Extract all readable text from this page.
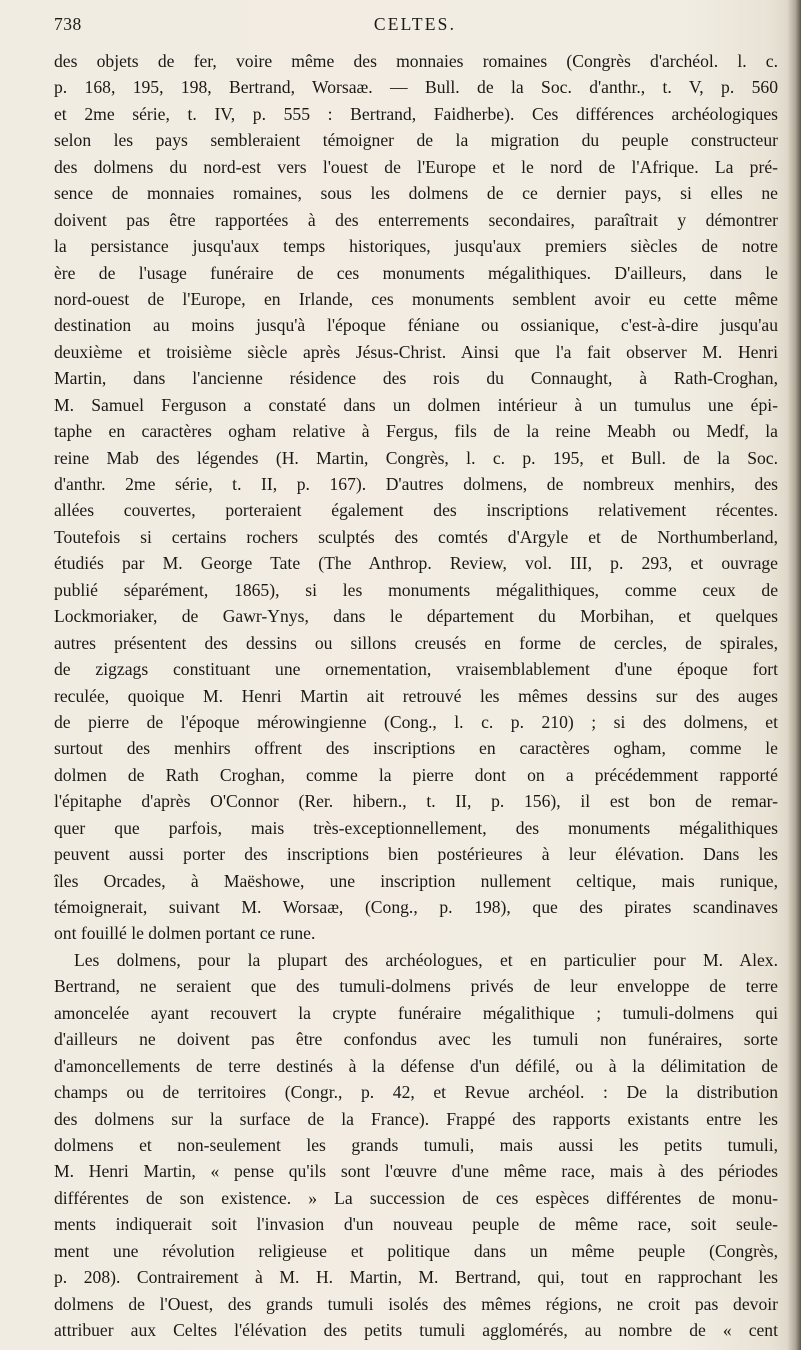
738	CELTES.
des objets de fer, voire même des monnaies romaines (Congrès d'archéol. l. c.
p. 168, 195, 198, Bertrand, Worsaæ. — Bull. de la Soc. d'anthr., t. V, p. 560
et 2me série, t. IV, p. 555 : Bertrand, Faidherbe). Ces différences archéologiques
selon les pays sembleraient témoigner de la migration du peuple constructeur
des dolmens du nord-est vers l'ouest de l'Europe et le nord de l'Afrique. La pré-
sence de monnaies romaines, sous les dolmens de ce dernier pays, si elles ne
doivent pas être rapportées à des enterrements secondaires, paraîtrait y démontrer
la persistance jusqu'aux temps historiques, jusqu'aux premiers siècles de notre
ère de l'usage funéraire de ces monuments mégalithiques. D'ailleurs, dans le
nord-ouest de l'Europe, en Irlande, ces monuments semblent avoir eu cette même
destination au moins jusqu'à l'époque féniane ou ossianique, c'est-à-dire jusqu'au
deuxième et troisième siècle après Jésus-Christ. Ainsi que l'a fait observer M. Henri
Martin, dans l'ancienne résidence des rois du Connaught, à Rath-Croghan,
M. Samuel Ferguson a constaté dans un dolmen intérieur à un tumulus une épi-
taphe en caractères ogham relative à Fergus, fils de la reine Meabh ou Medf, la
reine Mab des légendes (H. Martin, Congrès, l. c. p. 195, et Bull. de la Soc.
d'anthr. 2me série, t. II, p. 167). D'autres dolmens, de nombreux menhirs, des
allées couvertes, porteraient également des inscriptions relativement récentes.
Toutefois si certains rochers sculptés des comtés d'Argyle et de Northumberland,
étudiés par M. George Tate (The Anthrop. Review, vol. III, p. 293, et ouvrage
publié séparément, 1865), si les monuments mégalithiques, comme ceux de
Lockmoriaker, de Gawr-Ynys, dans le département du Morbihan, et quelques
autres présentent des dessins ou sillons creusés en forme de cercles, de spirales,
de zigzags constituant une ornementation, vraisemblablement d'une époque fort
reculée, quoique M. Henri Martin ait retrouvé les mêmes dessins sur des auges
de pierre de l'époque mérowingienne (Cong., l. c. p. 210) ; si des dolmens, et
surtout des menhirs offrent des inscriptions en caractères ogham, comme le
dolmen de Rath Croghan, comme la pierre dont on a précédemment rapporté
l'épitaphe d'après O'Connor (Rer. hibern., t. II, p. 156), il est bon de remar-
quer que parfois, mais très-exceptionnellement, des monuments mégalithiques
peuvent aussi porter des inscriptions bien postérieures à leur élévation. Dans les
îles Orcades, à Maëshowe, une inscription nullement celtique, mais runique,
témoignerait, suivant M. Worsaæ, (Cong., p. 198), que des pirates scandinaves
ont fouillé le dolmen portant ce rune.
Les dolmens, pour la plupart des archéologues, et en particulier pour M. Alex.
Bertrand, ne seraient que des tumuli-dolmens privés de leur enveloppe de terre
amoncelée ayant recouvert la crypte funéraire mégalithique ; tumuli-dolmens qui
d'ailleurs ne doivent pas être confondus avec les tumuli non funéraires, sorte
d'amoncellements de terre destinés à la défense d'un défilé, ou à la délimitation de
champs ou de territoires (Congr., p. 42, et Revue archéol. : De la distribution
des dolmens sur la surface de la France). Frappé des rapports existants entre les
dolmens et non-seulement les grands tumuli, mais aussi les petits tumuli,
M. Henri Martin, « pense qu'ils sont l'œuvre d'une même race, mais à des périodes
différentes de son existence. » La succession de ces espèces différentes de monu-
ments indiquerait soit l'invasion d'un nouveau peuple de même race, soit seule-
ment une révolution religieuse et politique dans un même peuple (Congrès,
p. 208). Contrairement à M. H. Martin, M. Bertrand, qui, tout en rapprochant les
dolmens de l'Ouest, des grands tumuli isolés des mêmes régions, ne croit pas devoir
attribuer aux Celtes l'élévation des petits tumuli agglomérés, au nombre de « cent
